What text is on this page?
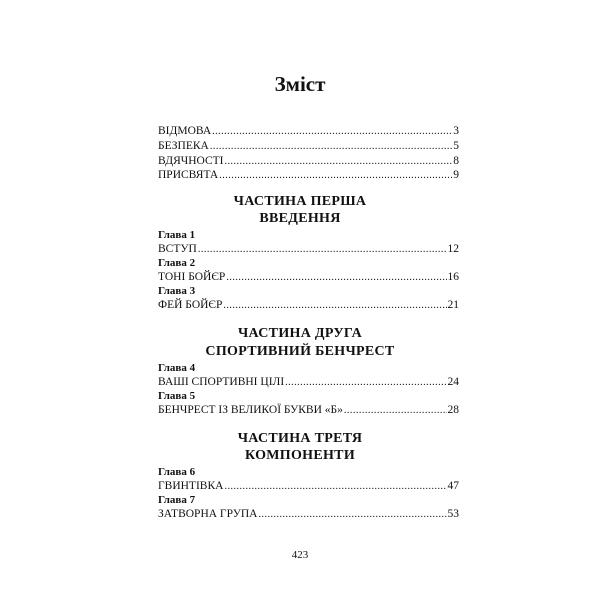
Зміст
ВІДМОВА .....	3
БЕЗПЕКА .....	5
ВДЯЧНОСТІ .....	8
ПРИСВЯТА .....	9
ЧАСТИНА ПЕРША
ВВЕДЕННЯ
Глава 1
ВСТУП .....	12
Глава 2
ТОНІ БОЙЄР .....	16
Глава 3
ФЕЙ БОЙЄР .....	21
ЧАСТИНА ДРУГА
СПОРТИВНИЙ БЕНЧРЕСТ
Глава 4
ВАШІ СПОРТИВНІ ЦІЛІ .....	24
Глава 5
БЕНЧРЕСТ ІЗ ВЕЛИКОЇ БУКВИ «Б» .....	28
ЧАСТИНА ТРЕТЯ
КОМПОНЕНТИ
Глава 6
ГВИНТІВКА .....	47
Глава 7
ЗАТВОРНА ГРУПА .....	53
423
